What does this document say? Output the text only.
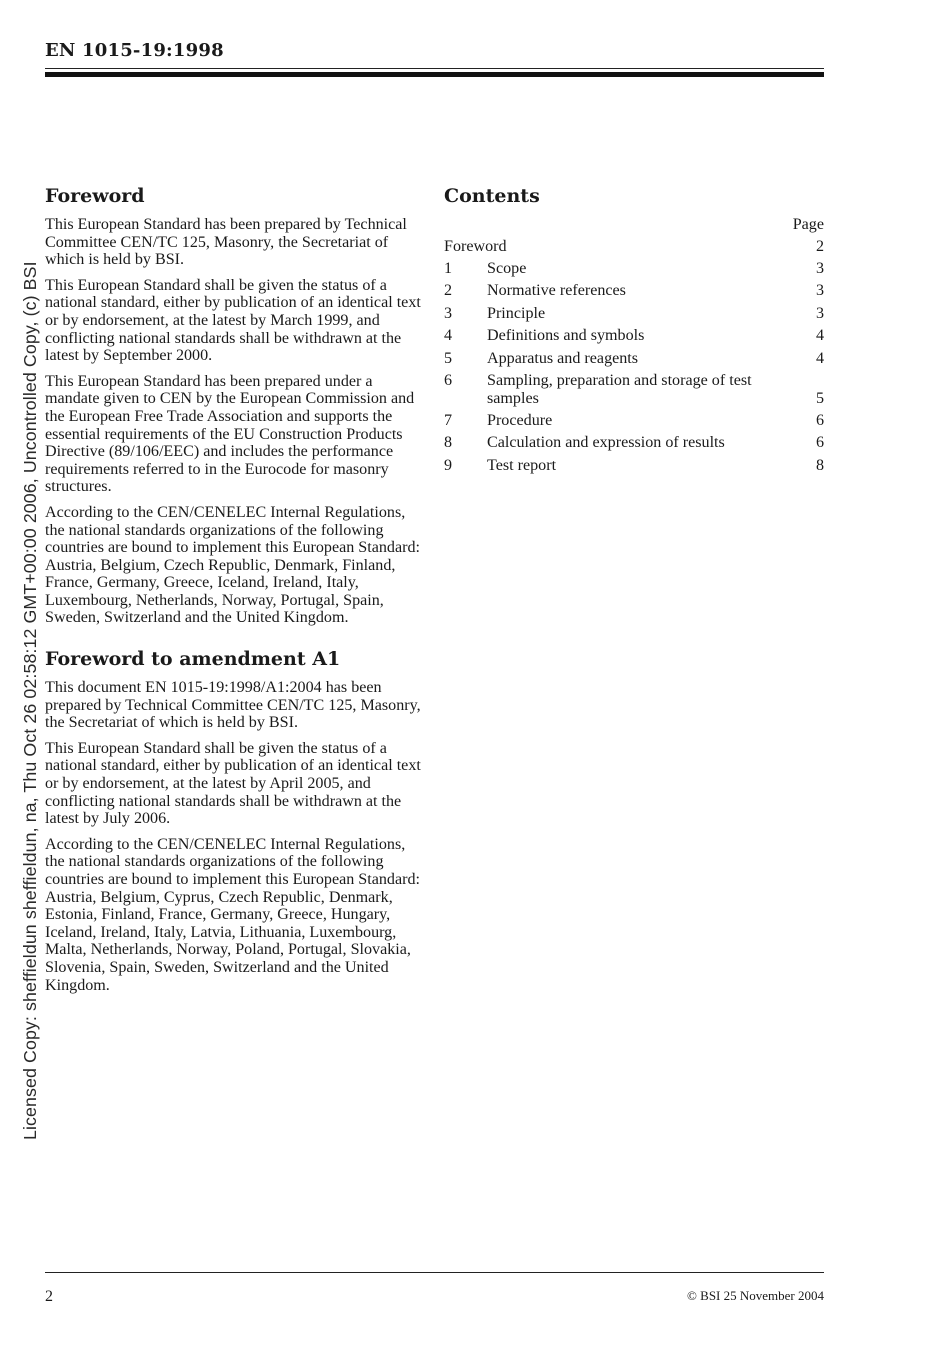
EN 1015-19:1998
Licensed Copy: sheffieldun sheffieldun, na, Thu Oct 26 02:58:12 GMT+00:00 2006, Uncontrolled Copy, (c) BSI
Foreword

This European Standard has been prepared by Technical Committee CEN/TC 125, Masonry, the Secretariat of which is held by BSI.

This European Standard shall be given the status of a national standard, either by publication of an identical text or by endorsement, at the latest by March 1999, and conflicting national standards shall be withdrawn at the latest by September 2000.

This European Standard has been prepared under a mandate given to CEN by the European Commission and the European Free Trade Association and supports the essential requirements of the EU Construction Products Directive (89/106/EEC) and includes the performance requirements referred to in the Eurocode for masonry structures.

According to the CEN/CENELEC Internal Regulations, the national standards organizations of the following countries are bound to implement this European Standard: Austria, Belgium, Czech Republic, Denmark, Finland, France, Germany, Greece, Iceland, Ireland, Italy, Luxembourg, Netherlands, Norway, Portugal, Spain, Sweden, Switzerland and the United Kingdom.

Foreword to amendment A1

This document EN 1015-19:1998/A1:2004 has been prepared by Technical Committee CEN/TC 125, Masonry, the Secretariat of which is held by BSI.

This European Standard shall be given the status of a national standard, either by publication of an identical text or by endorsement, at the latest by April 2005, and conflicting national standards shall be withdrawn at the latest by July 2006.

According to the CEN/CENELEC Internal Regulations, the national standards organizations of the following countries are bound to implement this European Standard: Austria, Belgium, Cyprus, Czech Republic, Denmark, Estonia, Finland, France, Germany, Greece, Hungary, Iceland, Ireland, Italy, Latvia, Lithuania, Luxembourg, Malta, Netherlands, Norway, Poland, Portugal, Slovakia, Slovenia, Spain, Sweden, Switzerland and the United Kingdom.

Contents
Page
Foreword	2
1	Scope	3
2	Normative references	3
3	Principle	3
4	Definitions and symbols	4
5	Apparatus and reagents	4
6	Sampling, preparation and storage of test samples	5
7	Procedure	6
8	Calculation and expression of results	6
9	Test report	8
2	© BSI 25 November 2004
